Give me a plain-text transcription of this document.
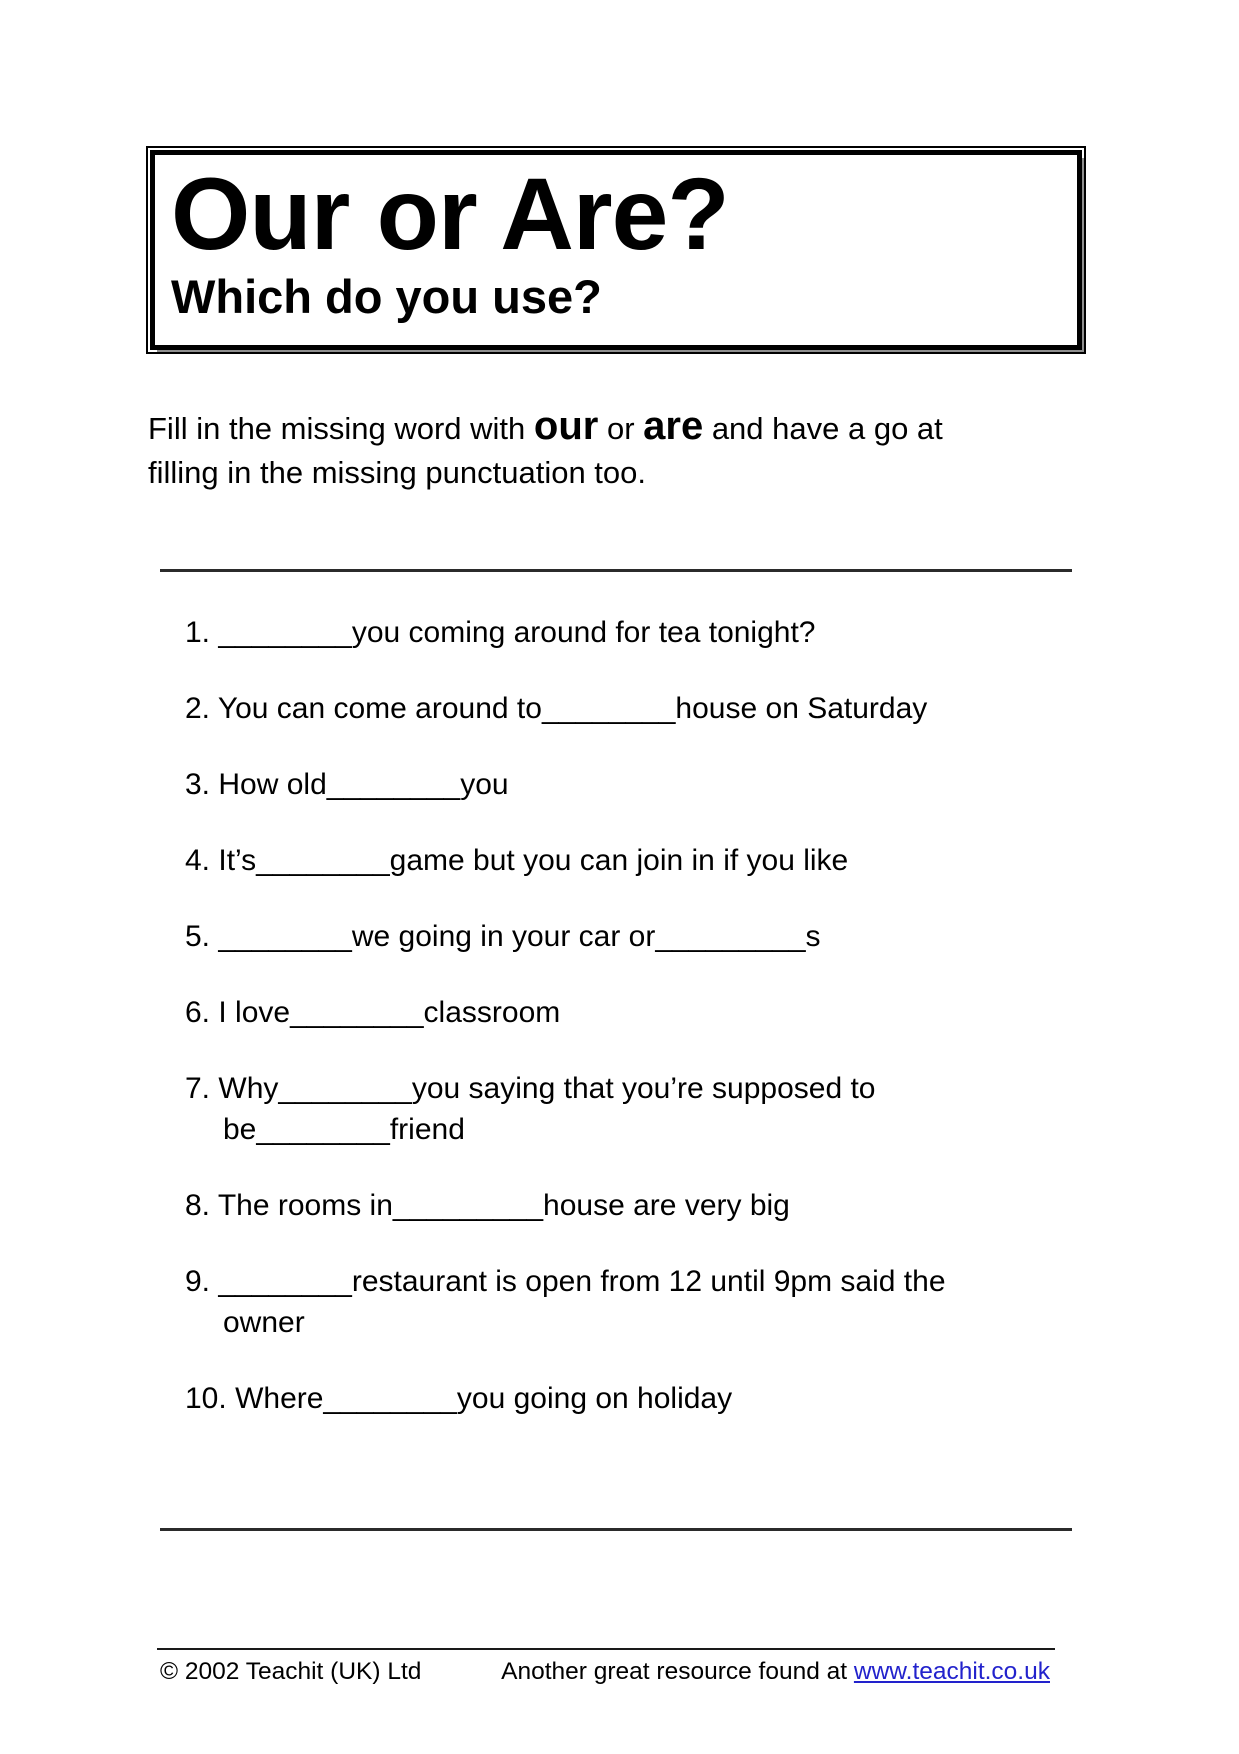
Our or Are?
Which do you use?
Fill in the missing word with our or are and have a go at filling in the missing punctuation too.
1. ________you coming around for tea tonight?
2. You can come around to________house on Saturday
3. How old________you
4. It’s________game but you can join in if you like
5. ________we going in your car or_________s
6. I love________classroom
7. Why________you saying that you’re supposed to
be________friend
8. The rooms in_________house are very big
9. ________restaurant is open from 12 until 9pm said the
owner
10. Where________you going on holiday
© 2002 Teachit (UK) Ltd	Another great resource found at www.teachit.co.uk
